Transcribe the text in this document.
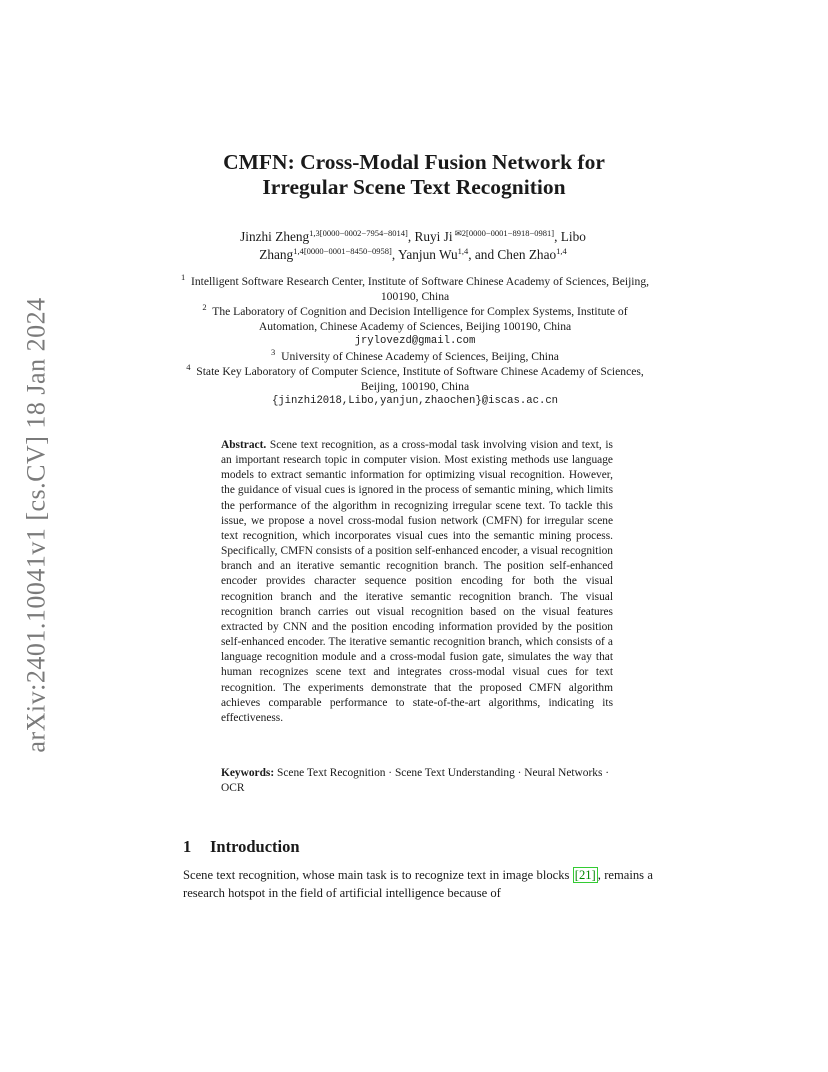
arXiv:2401.10041v1 [cs.CV] 18 Jan 2024
CMFN: Cross-Modal Fusion Network for
Irregular Scene Text Recognition
Jinzhi Zheng$^{1,3[0000-0002-7954-8014]}$, Ruyi Ji $^{✉2[0000-0001-8918-0981]}$, Libo Zhang$^{1,4[0000-0001-8450-0958]}$, Yanjun Wu$^{1,4}$, and Chen Zhao$^{1,4}$
$^1$ Intelligent Software Research Center, Institute of Software Chinese Academy of Sciences, Beijing, 100190, China
$^2$ The Laboratory of Cognition and Decision Intelligence for Complex Systems, Institute of Automation, Chinese Academy of Sciences, Beijing 100190, China
jrylovezd@gmail.com
$^3$ University of Chinese Academy of Sciences, Beijing, China
$^4$ State Key Laboratory of Computer Science, Institute of Software Chinese Academy of Sciences, Beijing, 100190, China
{jinzhi2018,Libo,yanjun,zhaochen}@iscas.ac.cn
Abstract. Scene text recognition, as a cross-modal task involving vision and text, is an important research topic in computer vision. Most existing methods use language models to extract semantic information for optimizing visual recognition. However, the guidance of visual cues is ignored in the process of semantic mining, which limits the performance of the algorithm in recognizing irregular scene text. To tackle this issue, we propose a novel cross-modal fusion network (CMFN) for irregular scene text recognition, which incorporates visual cues into the semantic mining process. Specifically, CMFN consists of a position self-enhanced encoder, a visual recognition branch and an iterative semantic recognition branch. The position self-enhanced encoder provides character sequence position encoding for both the visual recognition branch and the iterative semantic recognition branch. The visual recognition branch carries out visual recognition based on the visual features extracted by CNN and the position encoding information provided by the position self-enhanced encoder. The iterative semantic recognition branch, which consists of a language recognition module and a cross-modal fusion gate, simulates the way that human recognizes scene text and integrates cross-modal visual cues for text recognition. The experiments demonstrate that the proposed CMFN algorithm achieves comparable performance to state-of-the-art algorithms, indicating its effectiveness.
Keywords: Scene Text Recognition · Scene Text Understanding · Neural Networks · OCR
1 Introduction
Scene text recognition, whose main task is to recognize text in image blocks [21] , remains a research hotspot in the field of artificial intelligence because of
